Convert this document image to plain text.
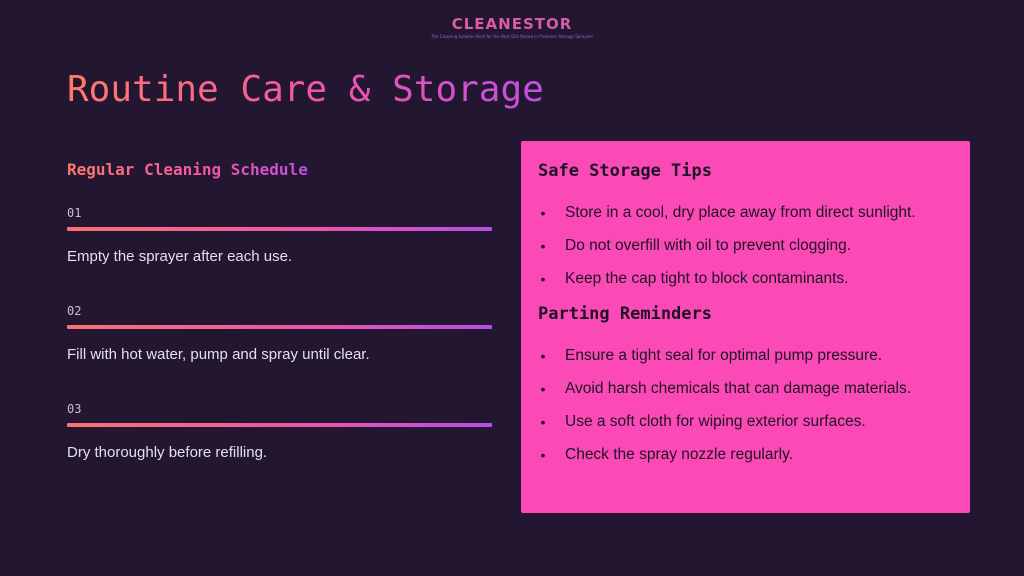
CLEANESTOR
The Cleaning Solution Built for the Best Oils Stored in Premium Storage Sprayers
Routine Care & Storage
Regular Cleaning Schedule
01
Empty the sprayer after each use.
02
Fill with hot water, pump and spray until clear.
03
Dry thoroughly before refilling.
Safe Storage Tips
• Store in a cool, dry place away from direct sunlight.
• Do not overfill with oil to prevent clogging.
• Keep the cap tight to block contaminants.
Parting Reminders
• Ensure a tight seal for optimal pump pressure.
• Avoid harsh chemicals that can damage materials.
• Use a soft cloth for wiping exterior surfaces.
• Check the spray nozzle regularly.
